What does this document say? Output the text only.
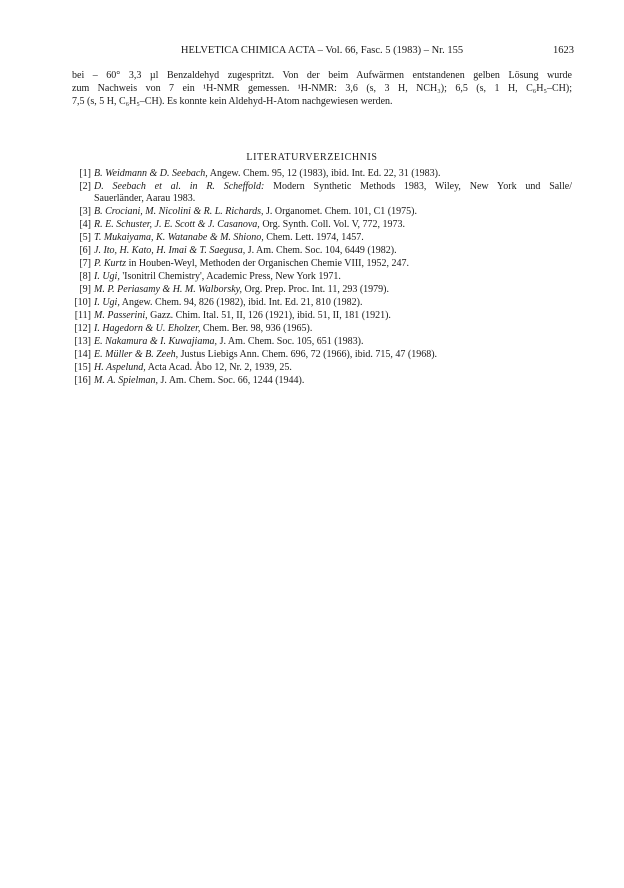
HELVETICA CHIMICA ACTA – Vol. 66, Fasc. 5 (1983) – Nr. 155	1623
bei – 60° 3,3 µl Benzaldehyd zugespritzt. Von der beim Aufwärmen entstandenen gelben Lösung wurde
zum Nachweis von 7 ein ¹H-NMR gemessen. ¹H-NMR: 3,6 (s, 3 H, NCH₃); 6,5 (s, 1 H, C₆H₅–CH);
7,5 (s, 5 H, C₆H₅–CH). Es konnte kein Aldehyd-H-Atom nachgewiesen werden.
LITERATURVERZEICHNIS
[1] B. Weidmann & D. Seebach, Angew. Chem. 95, 12 (1983), ibid. Int. Ed. 22, 31 (1983).
[2] D. Seebach et al. in R. Scheffold: Modern Synthetic Methods 1983, Wiley, New York und Salle/
Sauerländer, Aarau 1983.
[3] B. Crociani, M. Nicolini & R. L. Richards, J. Organomet. Chem. 101, C1 (1975).
[4] R. E. Schuster, J. E. Scott & J. Casanova, Org. Synth. Coll. Vol. V, 772, 1973.
[5] T. Mukaiyama, K. Watanabe & M. Shiono, Chem. Lett. 1974, 1457.
[6] J. Ito, H. Kato, H. Imai & T. Saegusa, J. Am. Chem. Soc. 104, 6449 (1982).
[7] P. Kurtz in Houben-Weyl, Methoden der Organischen Chemie VIII, 1952, 247.
[8] I. Ugi, 'Isonitril Chemistry', Academic Press, New York 1971.
[9] M. P. Periasamy & H. M. Walborsky, Org. Prep. Proc. Int. 11, 293 (1979).
[10] I. Ugi, Angew. Chem. 94, 826 (1982), ibid. Int. Ed. 21, 810 (1982).
[11] M. Passerini, Gazz. Chim. Ital. 51, II, 126 (1921), ibid. 51, II, 181 (1921).
[12] I. Hagedorn & U. Eholzer, Chem. Ber. 98, 936 (1965).
[13] E. Nakamura & I. Kuwajiama, J. Am. Chem. Soc. 105, 651 (1983).
[14] E. Müller & B. Zeeh, Justus Liebigs Ann. Chem. 696, 72 (1966), ibid. 715, 47 (1968).
[15] H. Aspelund, Acta Acad. Åbo 12, Nr. 2, 1939, 25.
[16] M. A. Spielman, J. Am. Chem. Soc. 66, 1244 (1944).
